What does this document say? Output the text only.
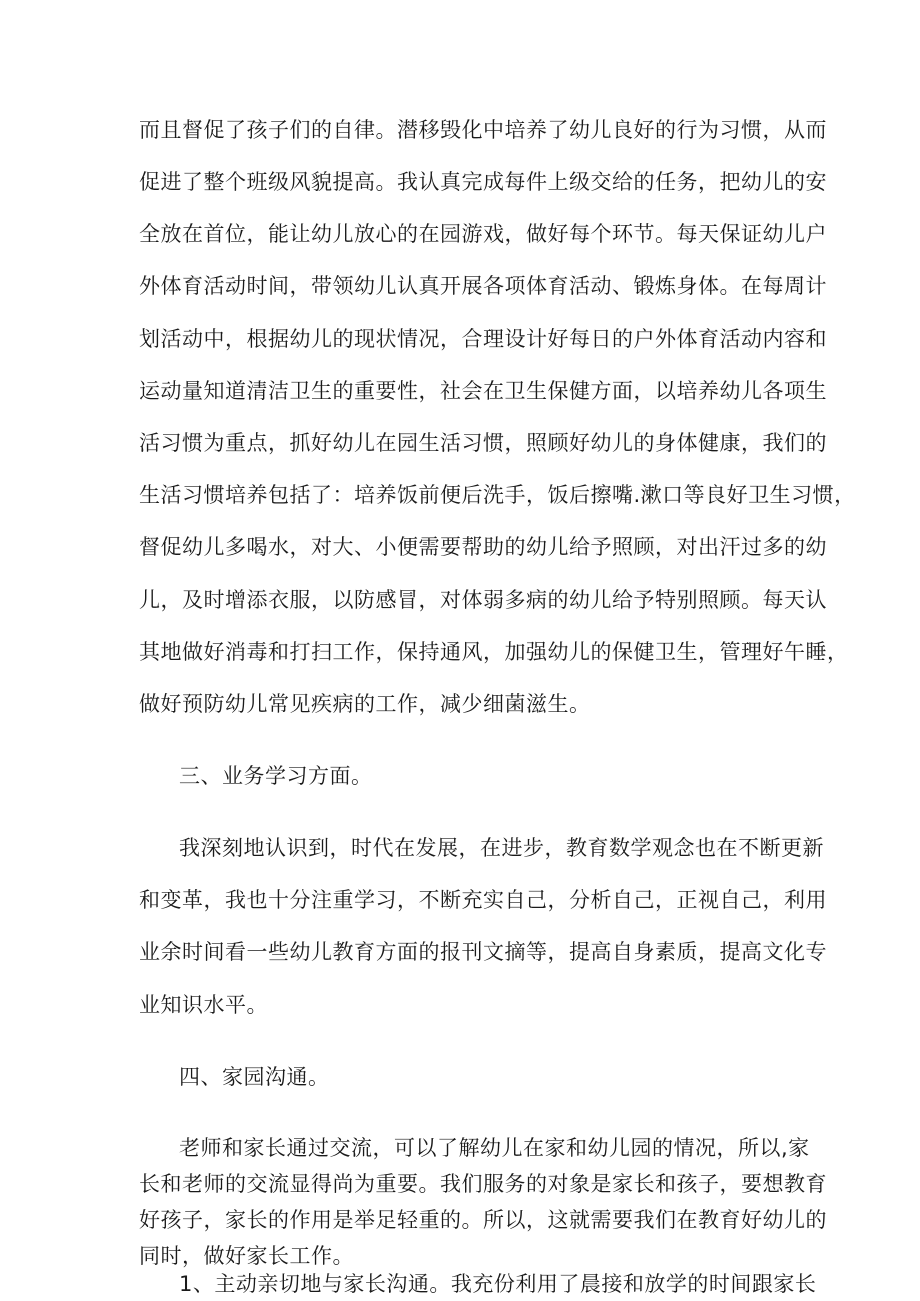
而且督促了孩子们的自律。潜移毁化中培养了幼儿良好的行为习惯，从而
促进了整个班级风貌提高。我认真完成每件上级交给的任务，把幼儿的安
全放在首位，能让幼儿放心的在园游戏，做好每个环节。每天保证幼儿户
外体育活动时间，带领幼儿认真开展各项体育活动、锻炼身体。在每周计
划活动中，根据幼儿的现状情况，合理设计好每日的户外体育活动内容和
运动量知道清洁卫生的重要性，社会在卫生保健方面，以培养幼儿各项生
活习惯为重点，抓好幼儿在园生活习惯，照顾好幼儿的身体健康，我们的
生活习惯培养包括了：培养饭前便后洗手，饭后擦嘴.漱口等良好卫生习惯，
督促幼儿多喝水，对大、小便需要帮助的幼儿给予照顾，对出汗过多的幼
儿，及时增添衣服，以防感冒，对体弱多病的幼儿给予特别照顾。每天认
其地做好消毒和打扫工作，保持通风，加强幼儿的保健卫生，管理好午睡，
做好预防幼儿常见疾病的工作，减少细菌滋生。
三、业务学习方面。
我深刻地认识到，时代在发展，在进步，教育数学观念也在不断更新
和变革，我也十分注重学习，不断充实自己，分析自己，正视自己，利用
业余时间看一些幼儿教育方面的报刊文摘等，提高自身素质，提高文化专
业知识水平。
四、家园沟通。
老师和家长通过交流，可以了解幼儿在家和幼儿园的情况，所以,家
长和老师的交流显得尚为重要。我们服务的对象是家长和孩子，要想教育
好孩子，家长的作用是举足轻重的。所以，这就需要我们在教育好幼儿的
同时，做好家长工作。
1、主动亲切地与家长沟通。我充份利用了晨接和放学的时间跟家长
